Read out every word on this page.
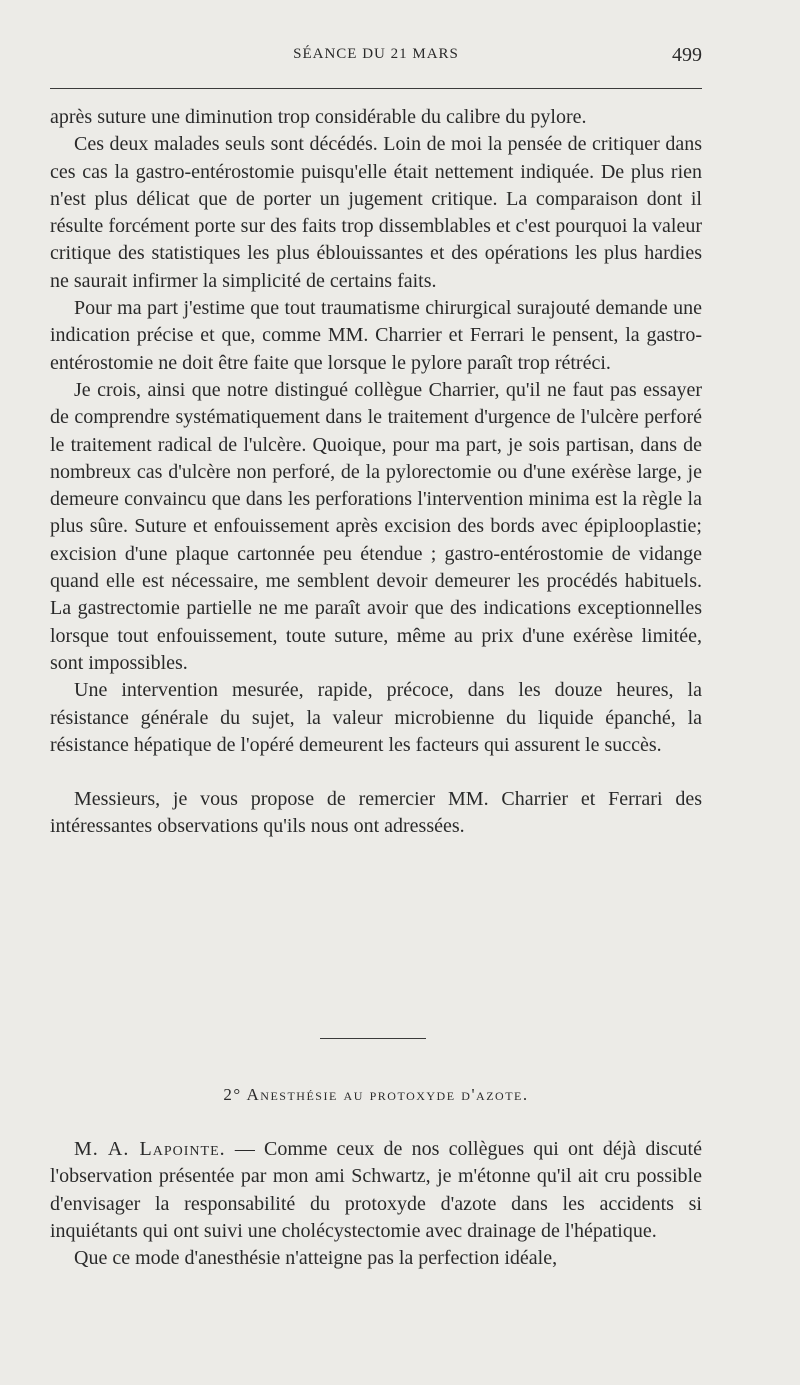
SÉANCE DU 21 MARS	499

après suture une diminution trop considérable du calibre du pylore.

Ces deux malades seuls sont décédés. Loin de moi la pensée de critiquer dans ces cas la gastro-entérostomie puisqu'elle était nettement indiquée. De plus rien n'est plus délicat que de porter un jugement critique. La comparaison dont il résulte forcément porte sur des faits trop dissemblables et c'est pourquoi la valeur critique des statistiques les plus éblouissantes et des opérations les plus hardies ne saurait infirmer la simplicité de certains faits.

Pour ma part j'estime que tout traumatisme chirurgical surajouté demande une indication précise et que, comme MM. Charrier et Ferrari le pensent, la gastro-entérostomie ne doit être faite que lorsque le pylore paraît trop rétréci.

Je crois, ainsi que notre distingué collègue Charrier, qu'il ne faut pas essayer de comprendre systématiquement dans le traitement d'urgence de l'ulcère perforé le traitement radical de l'ulcère. Quoique, pour ma part, je sois partisan, dans de nombreux cas d'ulcère non perforé, de la pylorectomie ou d'une exérèse large, je demeure convaincu que dans les perforations l'intervention minima est la règle la plus sûre. Suture et enfouissement après excision des bords avec épiplooplastie; excision d'une plaque cartonnée peu étendue ; gastro-entérostomie de vidange quand elle est nécessaire, me semblent devoir demeurer les procédés habituels. La gastrectomie partielle ne me paraît avoir que des indications exceptionnelles lorsque tout enfouissement, toute suture, même au prix d'une exérèse limitée, sont impossibles.

Une intervention mesurée, rapide, précoce, dans les douze heures, la résistance générale du sujet, la valeur microbienne du liquide épanché, la résistance hépatique de l'opéré demeurent les facteurs qui assurent le succès.

Messieurs, je vous propose de remercier MM. Charrier et Ferrari des intéressantes observations qu'ils nous ont adressées.

2° Anesthésie au protoxyde d'azote.

M. A. Lapointe. — Comme ceux de nos collègues qui ont déjà discuté l'observation présentée par mon ami Schwartz, je m'étonne qu'il ait cru possible d'envisager la responsabilité du protoxyde d'azote dans les accidents si inquiétants qui ont suivi une cholécystectomie avec drainage de l'hépatique.

Que ce mode d'anesthésie n'atteigne pas la perfection idéale,
